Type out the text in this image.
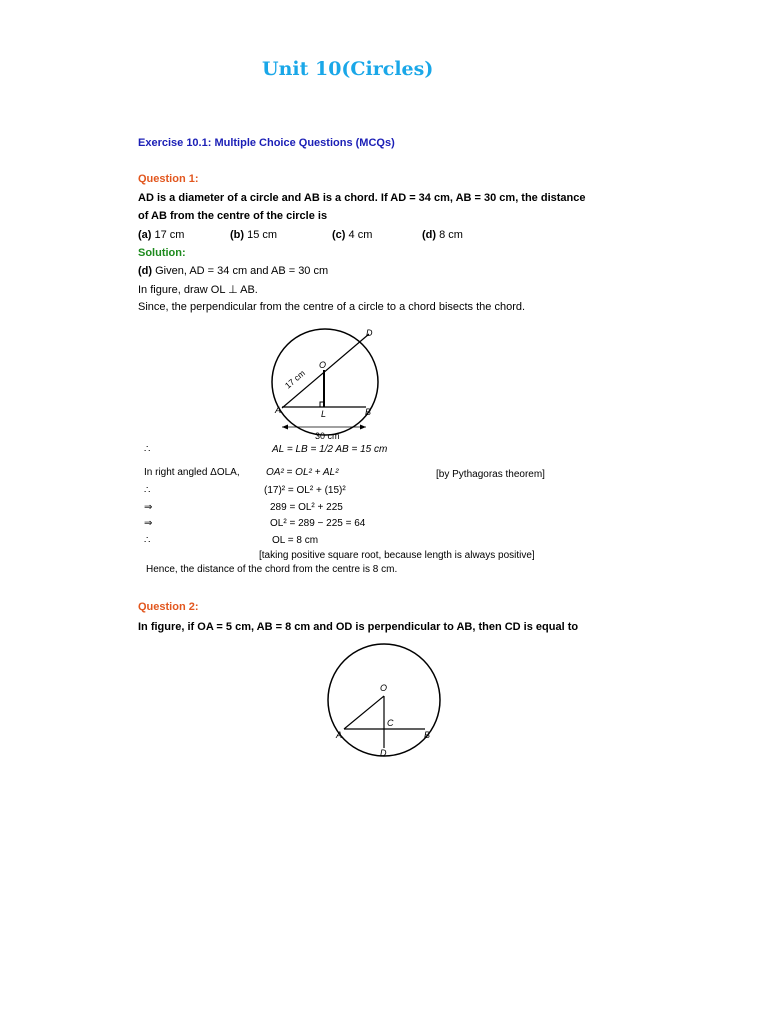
Unit 10(Circles)
Exercise 10.1: Multiple Choice Questions (MCQs)
Question 1:
AD is a diameter of a circle and AB is a chord. If AD = 34 cm, AB = 30 cm, the distance
of AB from the centre of the circle is
(a) 17 cm	(b) 15 cm	(c) 4 cm	(d) 8 cm
Solution:
(d) Given, AD = 34 cm and AB = 30 cm
In figure, draw OL ⊥ AB.
Since, the perpendicular from the centre of a circle to a chord bisects the chord.
D
O
A	L	B
17 cm
30 cm
∴	AL = LB = 1/2 AB = 15 cm
In right angled ΔOLA,	OA² = OL² + AL²	[by Pythagoras theorem]
∴	(17)² = OL² + (15)²
⇒	289 = OL² + 225
⇒	OL² = 289 − 225 = 64
∴	OL = 8 cm
[taking positive square root, because length is always positive]
Hence, the distance of the chord from the centre is 8 cm.
Question 2:
In figure, if OA = 5 cm, AB = 8 cm and OD is perpendicular to AB, then CD is equal to
O
C
A	B
D
